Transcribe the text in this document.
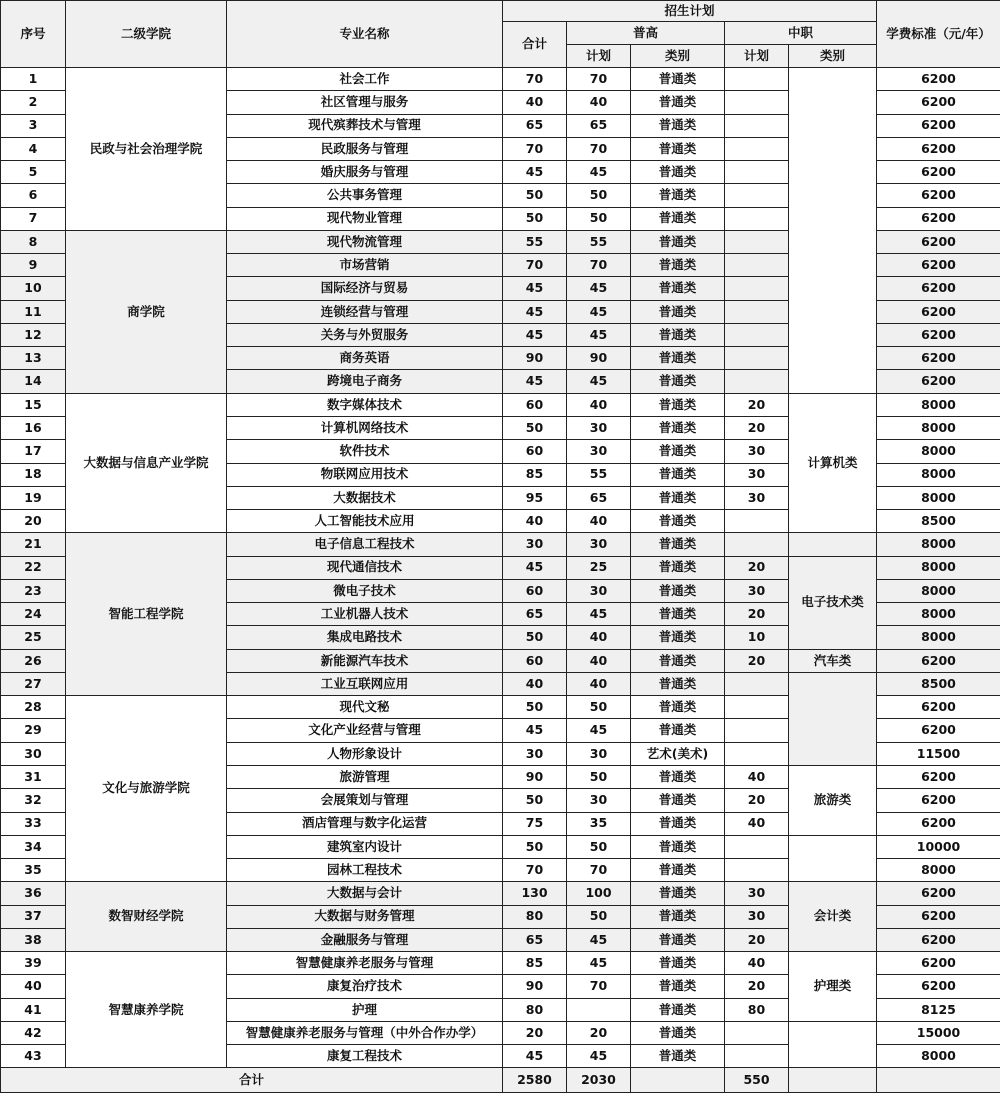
序号	二级学院	专业名称	招生计划					学费标准（元/年）
			合计	普高		中职		
				计划	类别	计划	类别	
1	民政与社会治理学院	社会工作	70	70	普通类			6200
2		社区管理与服务	40	40	普通类			6200
3		现代殡葬技术与管理	65	65	普通类			6200
4		民政服务与管理	70	70	普通类			6200
5		婚庆服务与管理	45	45	普通类			6200
6		公共事务管理	50	50	普通类			6200
7		现代物业管理	50	50	普通类			6200
8	商学院	现代物流管理	55	55	普通类			6200
9		市场营销	70	70	普通类			6200
10		国际经济与贸易	45	45	普通类			6200
11		连锁经营与管理	45	45	普通类			6200
12		关务与外贸服务	45	45	普通类			6200
13		商务英语	90	90	普通类			6200
14		跨境电子商务	45	45	普通类			6200
15	大数据与信息产业学院	数字媒体技术	60	40	普通类	20	计算机类	8000
16		计算机网络技术	50	30	普通类	20		8000
17		软件技术	60	30	普通类	30		8000
18		物联网应用技术	85	55	普通类	30		8000
19		大数据技术	95	65	普通类	30		8000
20		人工智能技术应用	40	40	普通类			8500
21	智能工程学院	电子信息工程技术	30	30	普通类			8000
22		现代通信技术	45	25	普通类	20	电子技术类	8000
23		微电子技术	60	30	普通类	30		8000
24		工业机器人技术	65	45	普通类	20		8000
25		集成电路技术	50	40	普通类	10		8000
26		新能源汽车技术	60	40	普通类	20	汽车类	6200
27		工业互联网应用	40	40	普通类			8500
28	文化与旅游学院	现代文秘	50	50	普通类			6200
29		文化产业经营与管理	45	45	普通类			6200
30		人物形象设计	30	30	艺术(美术)			11500
31		旅游管理	90	50	普通类	40	旅游类	6200
32		会展策划与管理	50	30	普通类	20		6200
33		酒店管理与数字化运营	75	35	普通类	40		6200
34		建筑室内设计	50	50	普通类			10000
35		园林工程技术	70	70	普通类			8000
36	数智财经学院	大数据与会计	130	100	普通类	30	会计类	6200
37		大数据与财务管理	80	50	普通类	30		6200
38		金融服务与管理	65	45	普通类	20		6200
39	智慧康养学院	智慧健康养老服务与管理	85	45	普通类	40	护理类	6200
40		康复治疗技术	90	70	普通类	20		6200
41		护理	80		普通类	80		8125
42		智慧健康养老服务与管理（中外合作办学）	20	20	普通类			15000
43		康复工程技术	45	45	普通类			8000
合计			2580	2030		550		
